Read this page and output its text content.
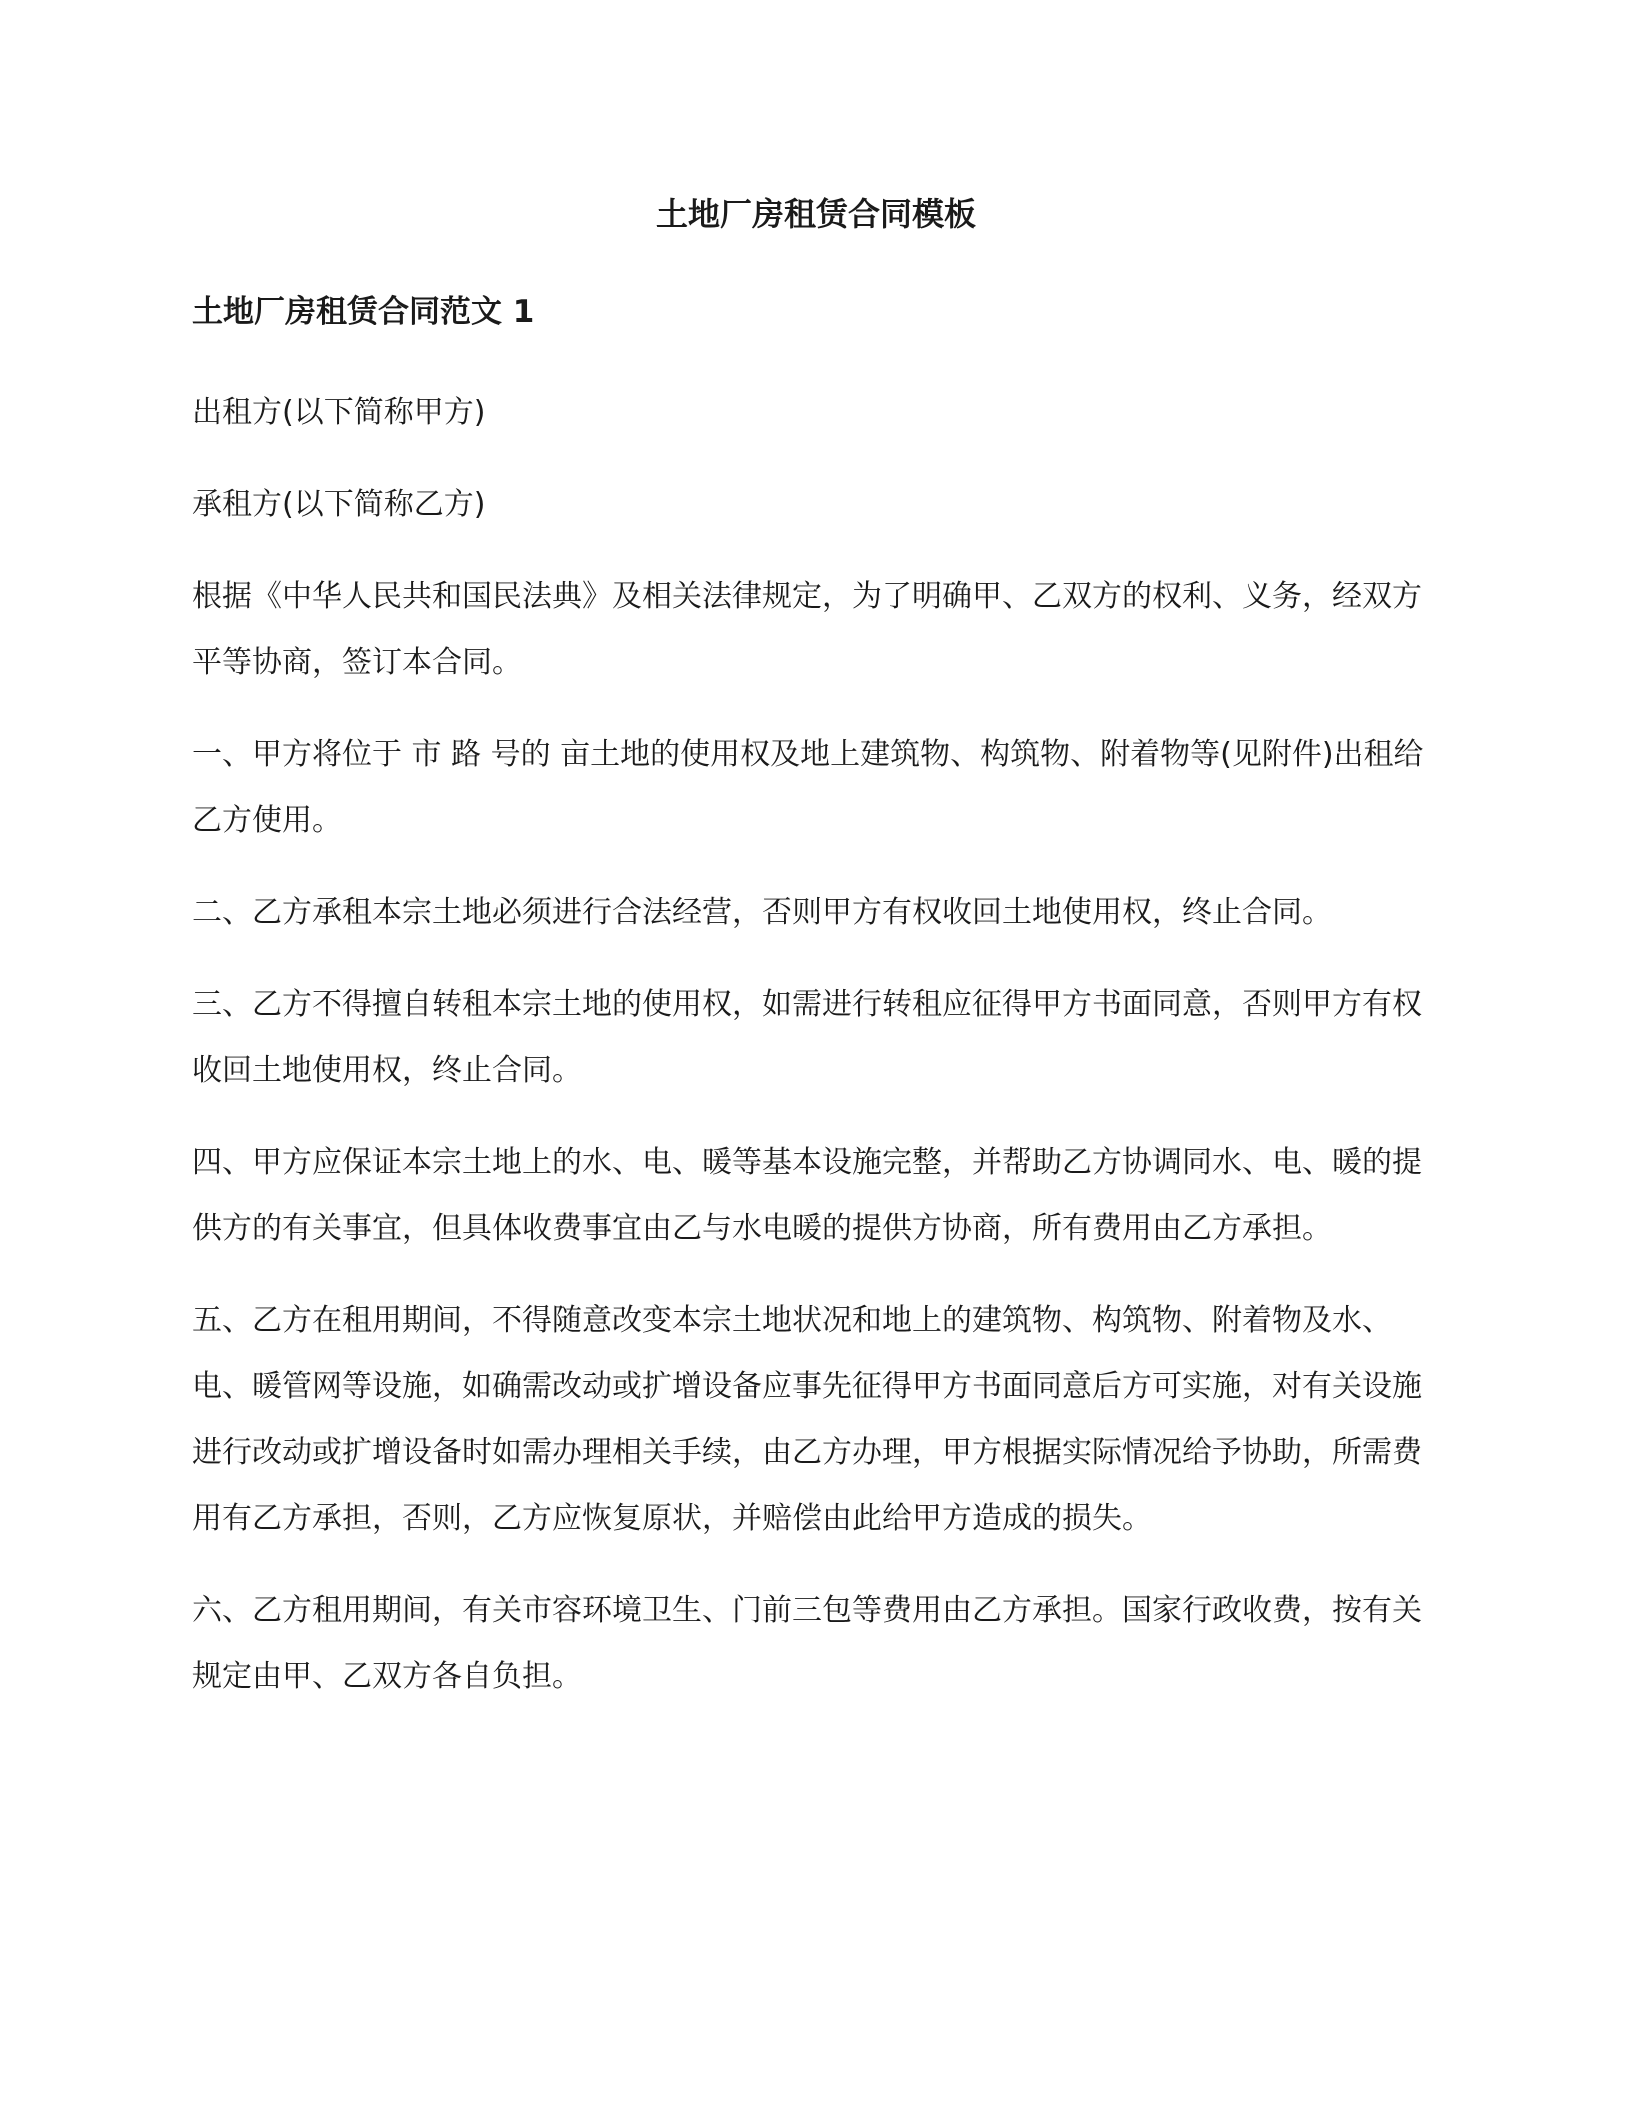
土地厂房租赁合同模板
土地厂房租赁合同范文 1

出租方(以下简称甲方)

承租方(以下简称乙方)

根据《中华人民共和国民法典》及相关法律规定，为了明确甲、乙双方的权利、义务，经双方平等协商，签订本合同。

一、甲方将位于 市 路 号的 亩土地的使用权及地上建筑物、构筑物、附着物等(见附件)出租给乙方使用。

二、乙方承租本宗土地必须进行合法经营，否则甲方有权收回土地使用权，终止合同。

三、乙方不得擅自转租本宗土地的使用权，如需进行转租应征得甲方书面同意，否则甲方有权收回土地使用权，终止合同。

四、甲方应保证本宗土地上的水、电、暖等基本设施完整，并帮助乙方协调同水、电、暖的提供方的有关事宜，但具体收费事宜由乙与水电暖的提供方协商，所有费用由乙方承担。

五、乙方在租用期间，不得随意改变本宗土地状况和地上的建筑物、构筑物、附着物及水、电、暖管网等设施，如确需改动或扩增设备应事先征得甲方书面同意后方可实施，对有关设施进行改动或扩增设备时如需办理相关手续，由乙方办理，甲方根据实际情况给予协助，所需费用有乙方承担，否则，乙方应恢复原状，并赔偿由此给甲方造成的损失。

六、乙方租用期间，有关市容环境卫生、门前三包等费用由乙方承担。国家行政收费，按有关规定由甲、乙双方各自负担。
